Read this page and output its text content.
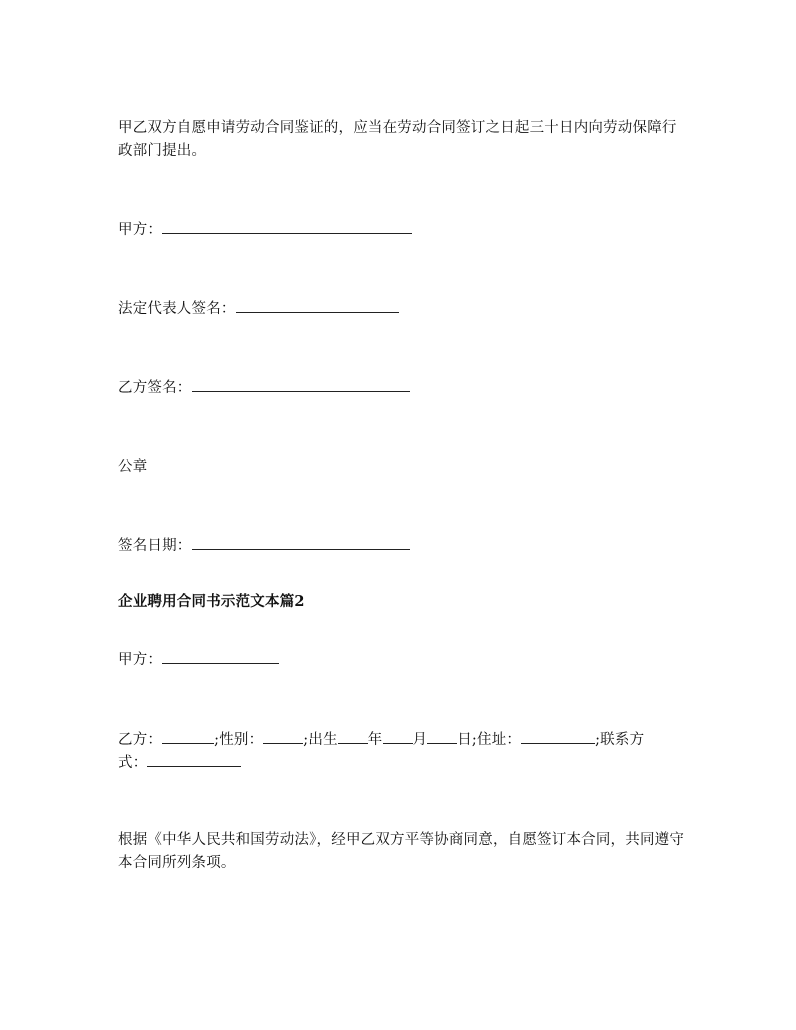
甲乙双方自愿申请劳动合同鉴证的，应当在劳动合同签订之日起三十日内向劳动保障行政部门提出。

甲方：

法定代表人签名：

乙方签名：

公章

签名日期：

企业聘用合同书示范文本篇2

甲方：

乙方：	;性别：	;出生 年 月 日;住址：	;联系方
式：

根据《中华人民共和国劳动法》，经甲乙双方平等协商同意，自愿签订本合同，共同遵守本合同所列条项。
